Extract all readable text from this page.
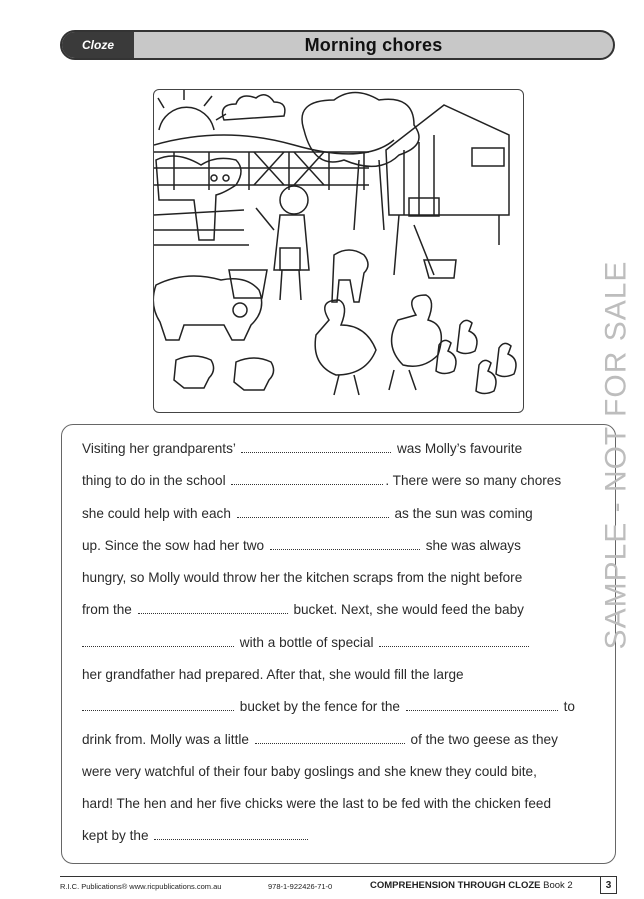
Cloze	Morning chores
Visiting her grandparents’	was Molly’s favourite
thing to do in the school	. There were so many chores
she could help with each	as the sun was coming
up. Since the sow had her two	she was always
hungry, so Molly would throw her the kitchen scraps from the night before
from the	bucket. Next, she would feed the baby
with a bottle of special
her grandfather had prepared. After that, she would fill the large
bucket by the fence for the	to
drink from. Molly was a little	of the two geese as they
were very watchful of their four baby goslings and she knew they could bite,
hard! The hen and her five chicks were the last to be fed with the chicken feed
kept by the
SAMPLE - NOT FOR SALE
R.I.C. Publications® www.ricpublications.com.au	978-1-922426-71-0	COMPREHENSION THROUGH CLOZE Book 2	3
